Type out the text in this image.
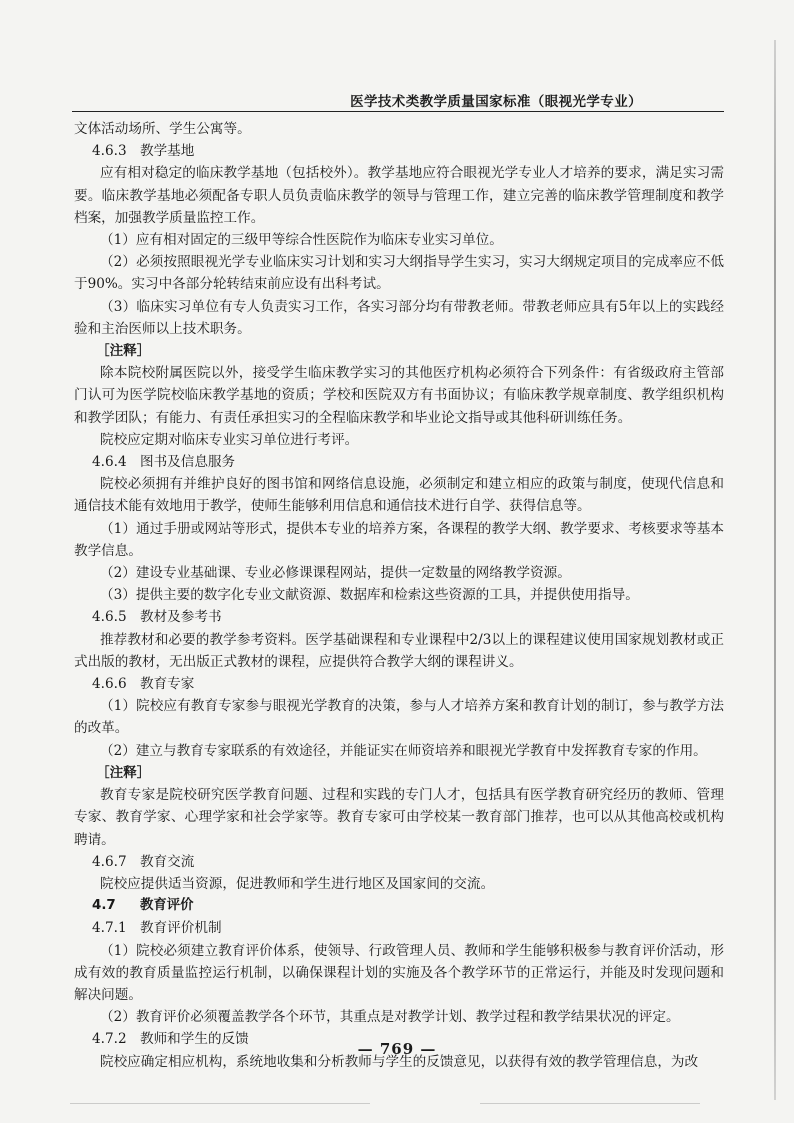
医学技术类教学质量国家标准（眼视光学专业）

文体活动场所、学生公寓等。

4.6.3 教学基地

应有相对稳定的临床教学基地（包括校外）。教学基地应符合眼视光学专业人才培养的要求，满足实习需要。临床教学基地必须配备专职人员负责临床教学的领导与管理工作，建立完善的临床教学管理制度和教学档案，加强教学质量监控工作。

（1）应有相对固定的三级甲等综合性医院作为临床专业实习单位。

（2）必须按照眼视光学专业临床实习计划和实习大纲指导学生实习，实习大纲规定项目的完成率应不低于90%。实习中各部分轮转结束前应设有出科考试。

（3）临床实习单位有专人负责实习工作，各实习部分均有带教老师。带教老师应具有5年以上的实践经验和主治医师以上技术职务。

［注释］

除本院校附属医院以外，接受学生临床教学实习的其他医疗机构必须符合下列条件：有省级政府主管部门认可为医学院校临床教学基地的资质；学校和医院双方有书面协议；有临床教学规章制度、教学组织机构和教学团队；有能力、有责任承担实习的全程临床教学和毕业论文指导或其他科研训练任务。

院校应定期对临床专业实习单位进行考评。

4.6.4 图书及信息服务

院校必须拥有并维护良好的图书馆和网络信息设施，必须制定和建立相应的政策与制度，使现代信息和通信技术能有效地用于教学，使师生能够利用信息和通信技术进行自学、获得信息等。

（1）通过手册或网站等形式，提供本专业的培养方案，各课程的教学大纲、教学要求、考核要求等基本教学信息。

（2）建设专业基础课、专业必修课课程网站，提供一定数量的网络教学资源。

（3）提供主要的数字化专业文献资源、数据库和检索这些资源的工具，并提供使用指导。

4.6.5 教材及参考书

推荐教材和必要的教学参考资料。医学基础课程和专业课程中2/3以上的课程建议使用国家规划教材或正式出版的教材，无出版正式教材的课程，应提供符合教学大纲的课程讲义。

4.6.6 教育专家

（1）院校应有教育专家参与眼视光学教育的决策，参与人才培养方案和教育计划的制订，参与教学方法的改革。

（2）建立与教育专家联系的有效途径，并能证实在师资培养和眼视光学教育中发挥教育专家的作用。

［注释］

教育专家是院校研究医学教育问题、过程和实践的专门人才，包括具有医学教育研究经历的教师、管理专家、教育学家、心理学家和社会学家等。教育专家可由学校某一教育部门推荐，也可以从其他高校或机构聘请。

4.6.7 教育交流

院校应提供适当资源，促进教师和学生进行地区及国家间的交流。

4.7 教育评价

4.7.1 教育评价机制

（1）院校必须建立教育评价体系，使领导、行政管理人员、教师和学生能够积极参与教育评价活动，形成有效的教育质量监控运行机制，以确保课程计划的实施及各个教学环节的正常运行，并能及时发现问题和解决问题。

（2）教育评价必须覆盖教学各个环节，其重点是对教学计划、教学过程和教学结果状况的评定。

4.7.2 教师和学生的反馈

院校应确定相应机构，系统地收集和分析教师与学生的反馈意见，以获得有效的教学管理信息，为改

— 769 —
